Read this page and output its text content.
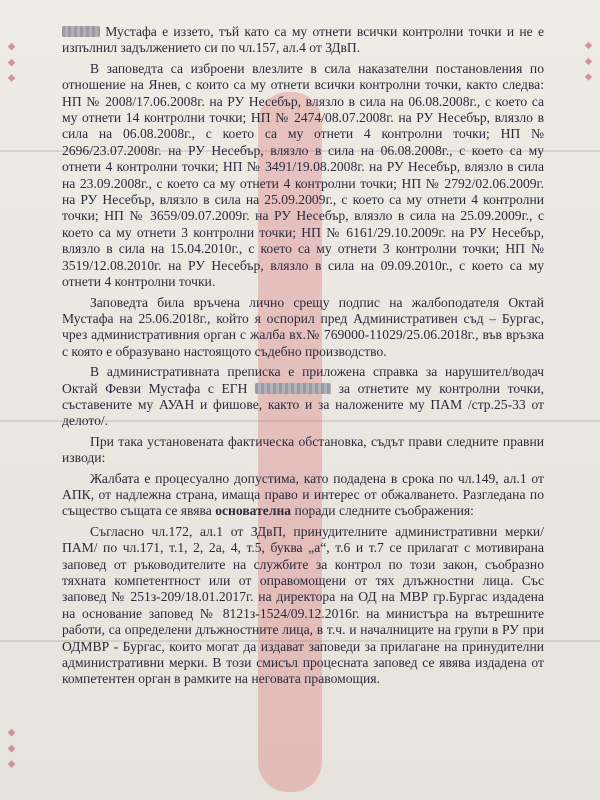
◆ ◆ ◆
◆ ◆ ◆
◆ ◆ ◆

Мустафа е иззето, тъй като са му отнети всички контролни точки и не е изпълнил задължението си по чл.157, ал.4 от ЗДвП.

В заповедта са изброени влезлите в сила наказателни постановления по отношение на Янев, с които са му отнети всички контролни точки, както следва: НП № 2008/17.06.2008г. на РУ Несебър, влязло в сила на 06.08.2008г., с което са му отнети 14 контролни точки; НП № 2474/08.07.2008г. на РУ Несебър, влязло в сила на 06.08.2008г., с което са му отнети 4 контролни точки; НП № 2696/23.07.2008г. на РУ Несебър, влязло в сила на 06.08.2008г., с което са му отнети 4 контролни точки; НП № 3491/19.08.2008г. на РУ Несебър, влязло в сила на 23.09.2008г., с което са му отнети 4 контролни точки; НП № 2792/02.06.2009г. на РУ Несебър, влязло в сила на 25.09.2009г., с което са му отнети 4 контролни точки; НП № 3659/09.07.2009г. на РУ Несебър, влязло в сила на 25.09.2009г., с което са му отнети 3 контролни точки; НП № 6161/29.10.2009г. на РУ Несебър, влязло в сила на 15.04.2010г., с което са му отнети 3 контролни точки; НП № 3519/12.08.2010г. на РУ Несебър, влязло в сила на 09.09.2010г., с което са му отнети 4 контролни точки.

Заповедта била връчена лично срещу подпис на жалбоподателя Октай Мустафа на 25.06.2018г., който я оспорил пред Административен съд – Бургас, чрез административния орган с жалба вх.№ 769000-11029/25.06.2018г., във връзка с която е образувано настоящото съдебно производство.

В административната преписка е приложена справка за нарушител/водач Октай Февзи Мустафа с ЕГН	за отнетите му контролни точки, съставените му АУАН и фишове, както и за наложените му ПАМ /стр.25-33 от делото/.

При така установената фактическа обстановка, съдът прави следните правни изводи:

Жалбата е процесуално допустима, като подадена в срока по чл.149, ал.1 от АПК, от надлежна страна, имаща право и интерес от обжалването. Разгледана по същество същата се явява основателна поради следните съображения:

Съгласно чл.172, ал.1 от ЗДвП, принудителните административни мерки/ПАМ/ по чл.171, т.1, 2, 2а, 4, т.5, буква „а“, т.6 и т.7 се прилагат с мотивирана заповед от ръководителите на службите за контрол по този закон, съобразно тяхната компетентност или от оправомощени от тях длъжностни лица. Със заповед № 251з-209/18.01.2017г. на директора на ОД на МВР гр.Бургас издадена на основание заповед № 8121з-1524/09.12.2016г. на министъра на вътрешните работи, са определени длъжностните лица, в т.ч. и началниците на групи в РУ при ОДМВР - Бургас, които могат да издават заповеди за прилагане на принудителни административни мерки. В този смисъл процесната заповед се явява издадена от компетентен орган в рамките на неговата правомощия.
